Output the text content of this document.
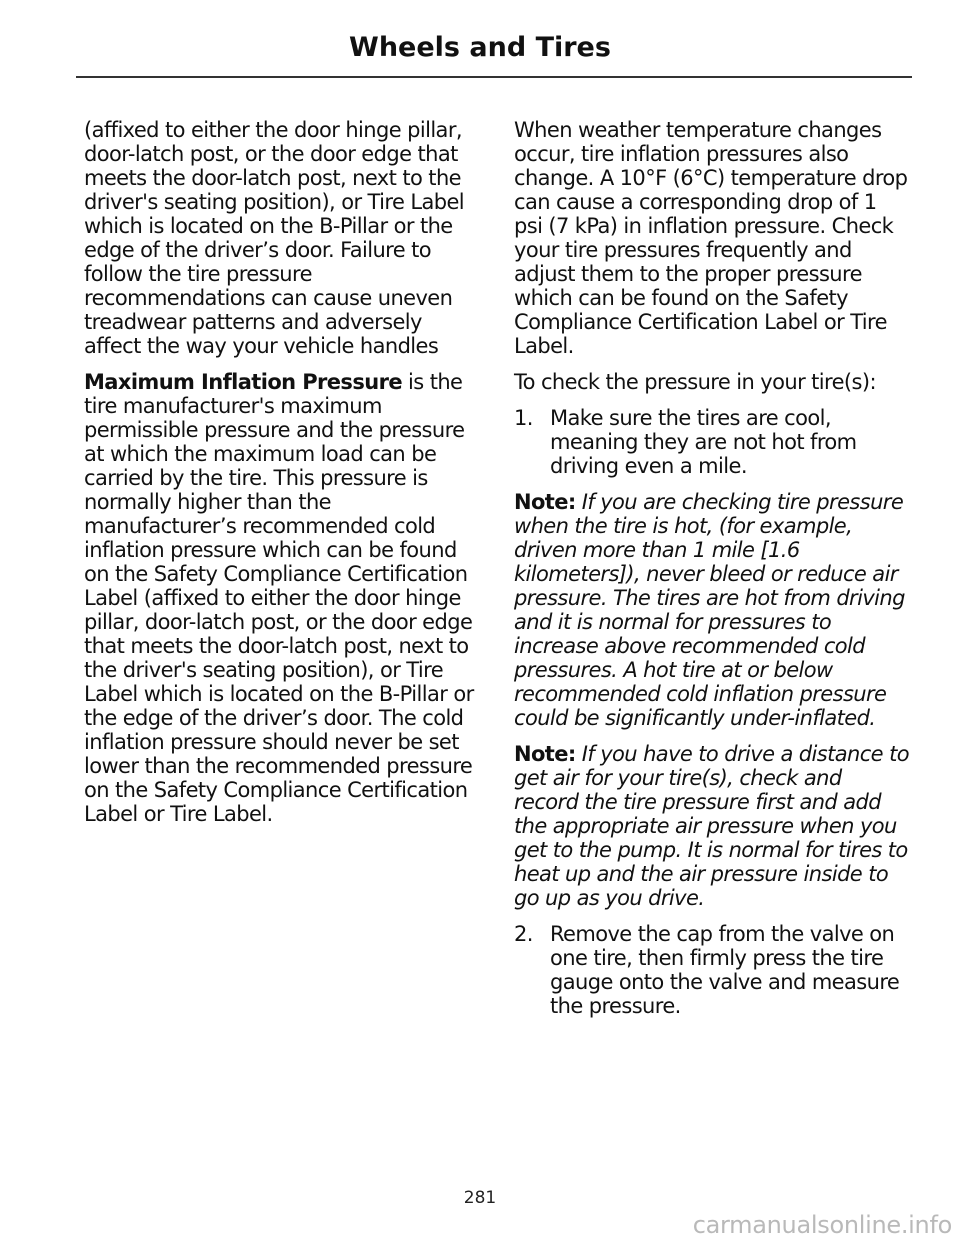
Wheels and Tires

(affixed to either the door hinge pillar, door-latch post, or the door edge that meets the door-latch post, next to the driver's seating position), or Tire Label which is located on the B-Pillar or the edge of the driver’s door. Failure to follow the tire pressure recommendations can cause uneven treadwear patterns and adversely affect the way your vehicle handles

Maximum Inflation Pressure is the tire manufacturer's maximum permissible pressure and the pressure at which the maximum load can be carried by the tire. This pressure is normally higher than the manufacturer’s recommended cold inflation pressure which can be found on the Safety Compliance Certification Label (affixed to either the door hinge pillar, door-latch post, or the door edge that meets the door-latch post, next to the driver's seating position), or Tire Label which is located on the B-Pillar or the edge of the driver’s door. The cold inflation pressure should never be set lower than the recommended pressure on the Safety Compliance Certification Label or Tire Label.

When weather temperature changes occur, tire inflation pressures also change. A 10°F (6°C) temperature drop can cause a corresponding drop of 1 psi (7 kPa) in inflation pressure. Check your tire pressures frequently and adjust them to the proper pressure which can be found on the Safety Compliance Certification Label or Tire Label.

To check the pressure in your tire(s):

1. Make sure the tires are cool, meaning they are not hot from driving even a mile.

Note: If you are checking tire pressure when the tire is hot, (for example, driven more than 1 mile [1.6 kilometers]), never bleed or reduce air pressure. The tires are hot from driving and it is normal for pressures to increase above recommended cold pressures. A hot tire at or below recommended cold inflation pressure could be significantly under-inflated.

Note: If you have to drive a distance to get air for your tire(s), check and record the tire pressure first and add the appropriate air pressure when you get to the pump. It is normal for tires to heat up and the air pressure inside to go up as you drive.

2. Remove the cap from the valve on one tire, then firmly press the tire gauge onto the valve and measure the pressure.
281
carmanualsonline.info
